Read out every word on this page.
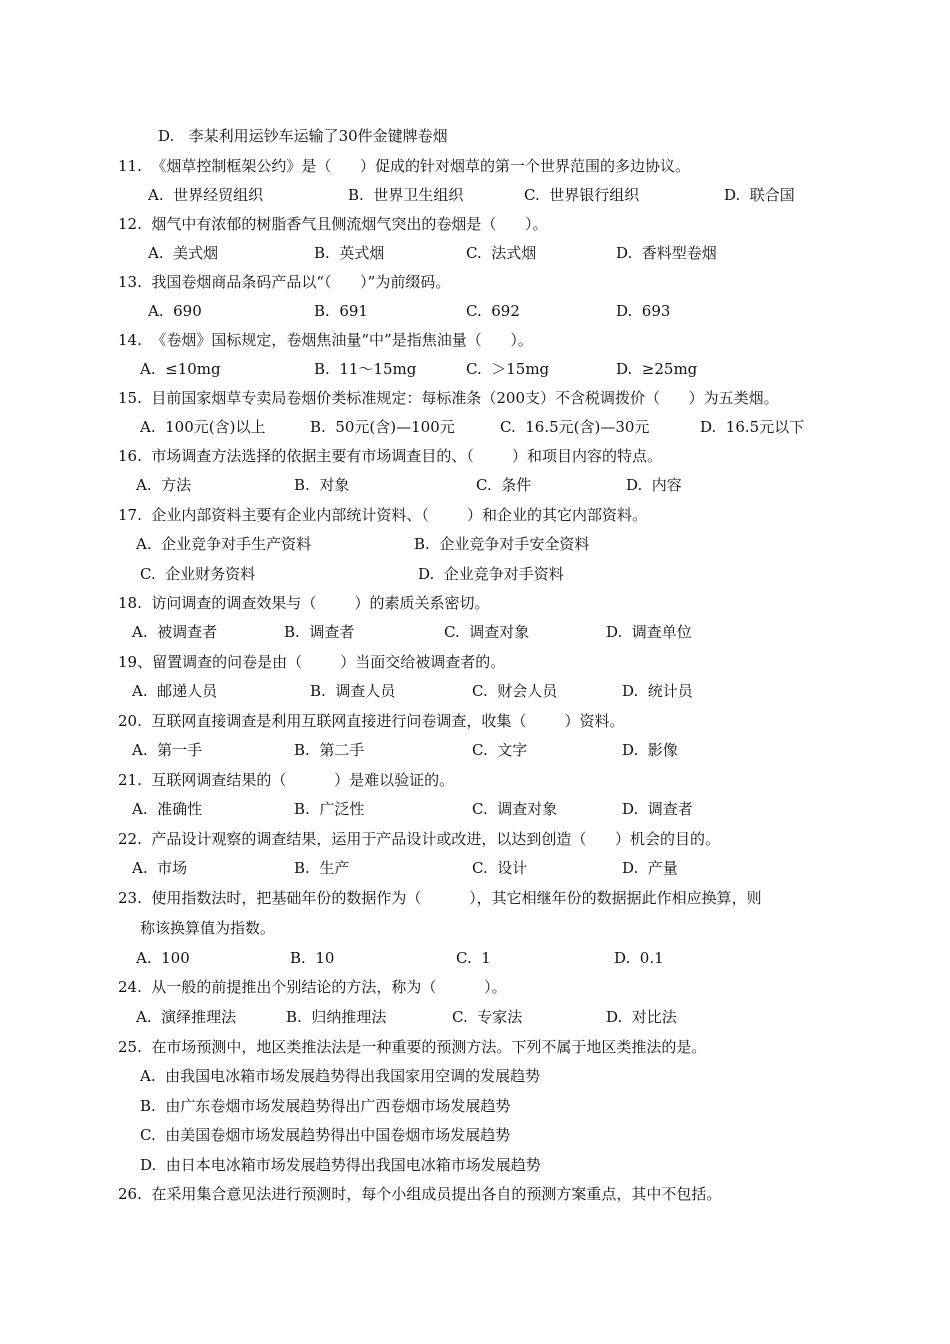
D.   李某利用运钞车运输了30件金键牌卷烟
11.  《烟草控制框架公约》是（      ）促成的针对烟草的第一个世界范围的多边协议。
A.  世界经贸组织	B.  世界卫生组织	C.  世界银行组织	D.  联合国
12.  烟气中有浓郁的树脂香气且侧流烟气突出的卷烟是（      ）。
A.  美式烟	B.  英式烟	C.  法式烟	D.  香料型卷烟
13.  我国卷烟商品条码产品以“（      ）”为前缀码。
A.  690	B.  691	C.  692	D.  693
14.  《卷烟》国标规定，卷烟焦油量“中”是指焦油量（      ）。
A.  ≤10mg	B.  11～15mg	C.  ＞15mg	D.  ≥25mg
15.  目前国家烟草专卖局卷烟价类标准规定：每标准条（200支）不含税调拨价（      ）为五类烟。
A.  100元(含)以上	B.  50元(含)—100元	C.  16.5元(含)—30元	D.  16.5元以下
16.  市场调查方法选择的依据主要有市场调查目的、（        ）和项目内容的特点。
A.  方法	B.  对象	C.  条件	D.  内容
17.  企业内部资料主要有企业内部统计资料、（        ）和企业的其它内部资料。
A.  企业竞争对手生产资料	B.  企业竞争对手安全资料
C.  企业财务资料	D.  企业竞争对手资料
18.  访问调查的调查效果与（        ）的素质关系密切。
A.  被调查者	B.  调查者	C.  调查对象	D.  调查单位
19、留置调查的问卷是由（        ）当面交给被调查者的。
A.  邮递人员	B.  调查人员	C.  财会人员	D.  统计员
20.  互联网直接调查是利用互联网直接进行问卷调查，收集（        ）资料。
A.  第一手	B.  第二手	C.  文字	D.  影像
21.  互联网调查结果的（          ）是难以验证的。
A.  准确性	B.  广泛性	C.  调查对象	D.  调查者
22.  产品设计观察的调查结果，运用于产品设计或改进，以达到创造（      ）机会的目的。
A.  市场	B.  生产	C.  设计	D.  产量
23.  使用指数法时，把基础年份的数据作为（          ），其它相继年份的数据据此作相应换算，则
称该换算值为指数。
A.  100	B.  10	C.  1	D.  0.1
24.  从一般的前提推出个别结论的方法，称为（          ）。
A.  演绎推理法	B.  归纳推理法	C.  专家法	D.  对比法
25.  在市场预测中，地区类推法法是一种重要的预测方法。下列不属于地区类推法的是。
A.  由我国电冰箱市场发展趋势得出我国家用空调的发展趋势
B.  由广东卷烟市场发展趋势得出广西卷烟市场发展趋势
C.  由美国卷烟市场发展趋势得出中国卷烟市场发展趋势
D.  由日本电冰箱市场发展趋势得出我国电冰箱市场发展趋势
26.  在采用集合意见法进行预测时，每个小组成员提出各自的预测方案重点，其中不包括。
